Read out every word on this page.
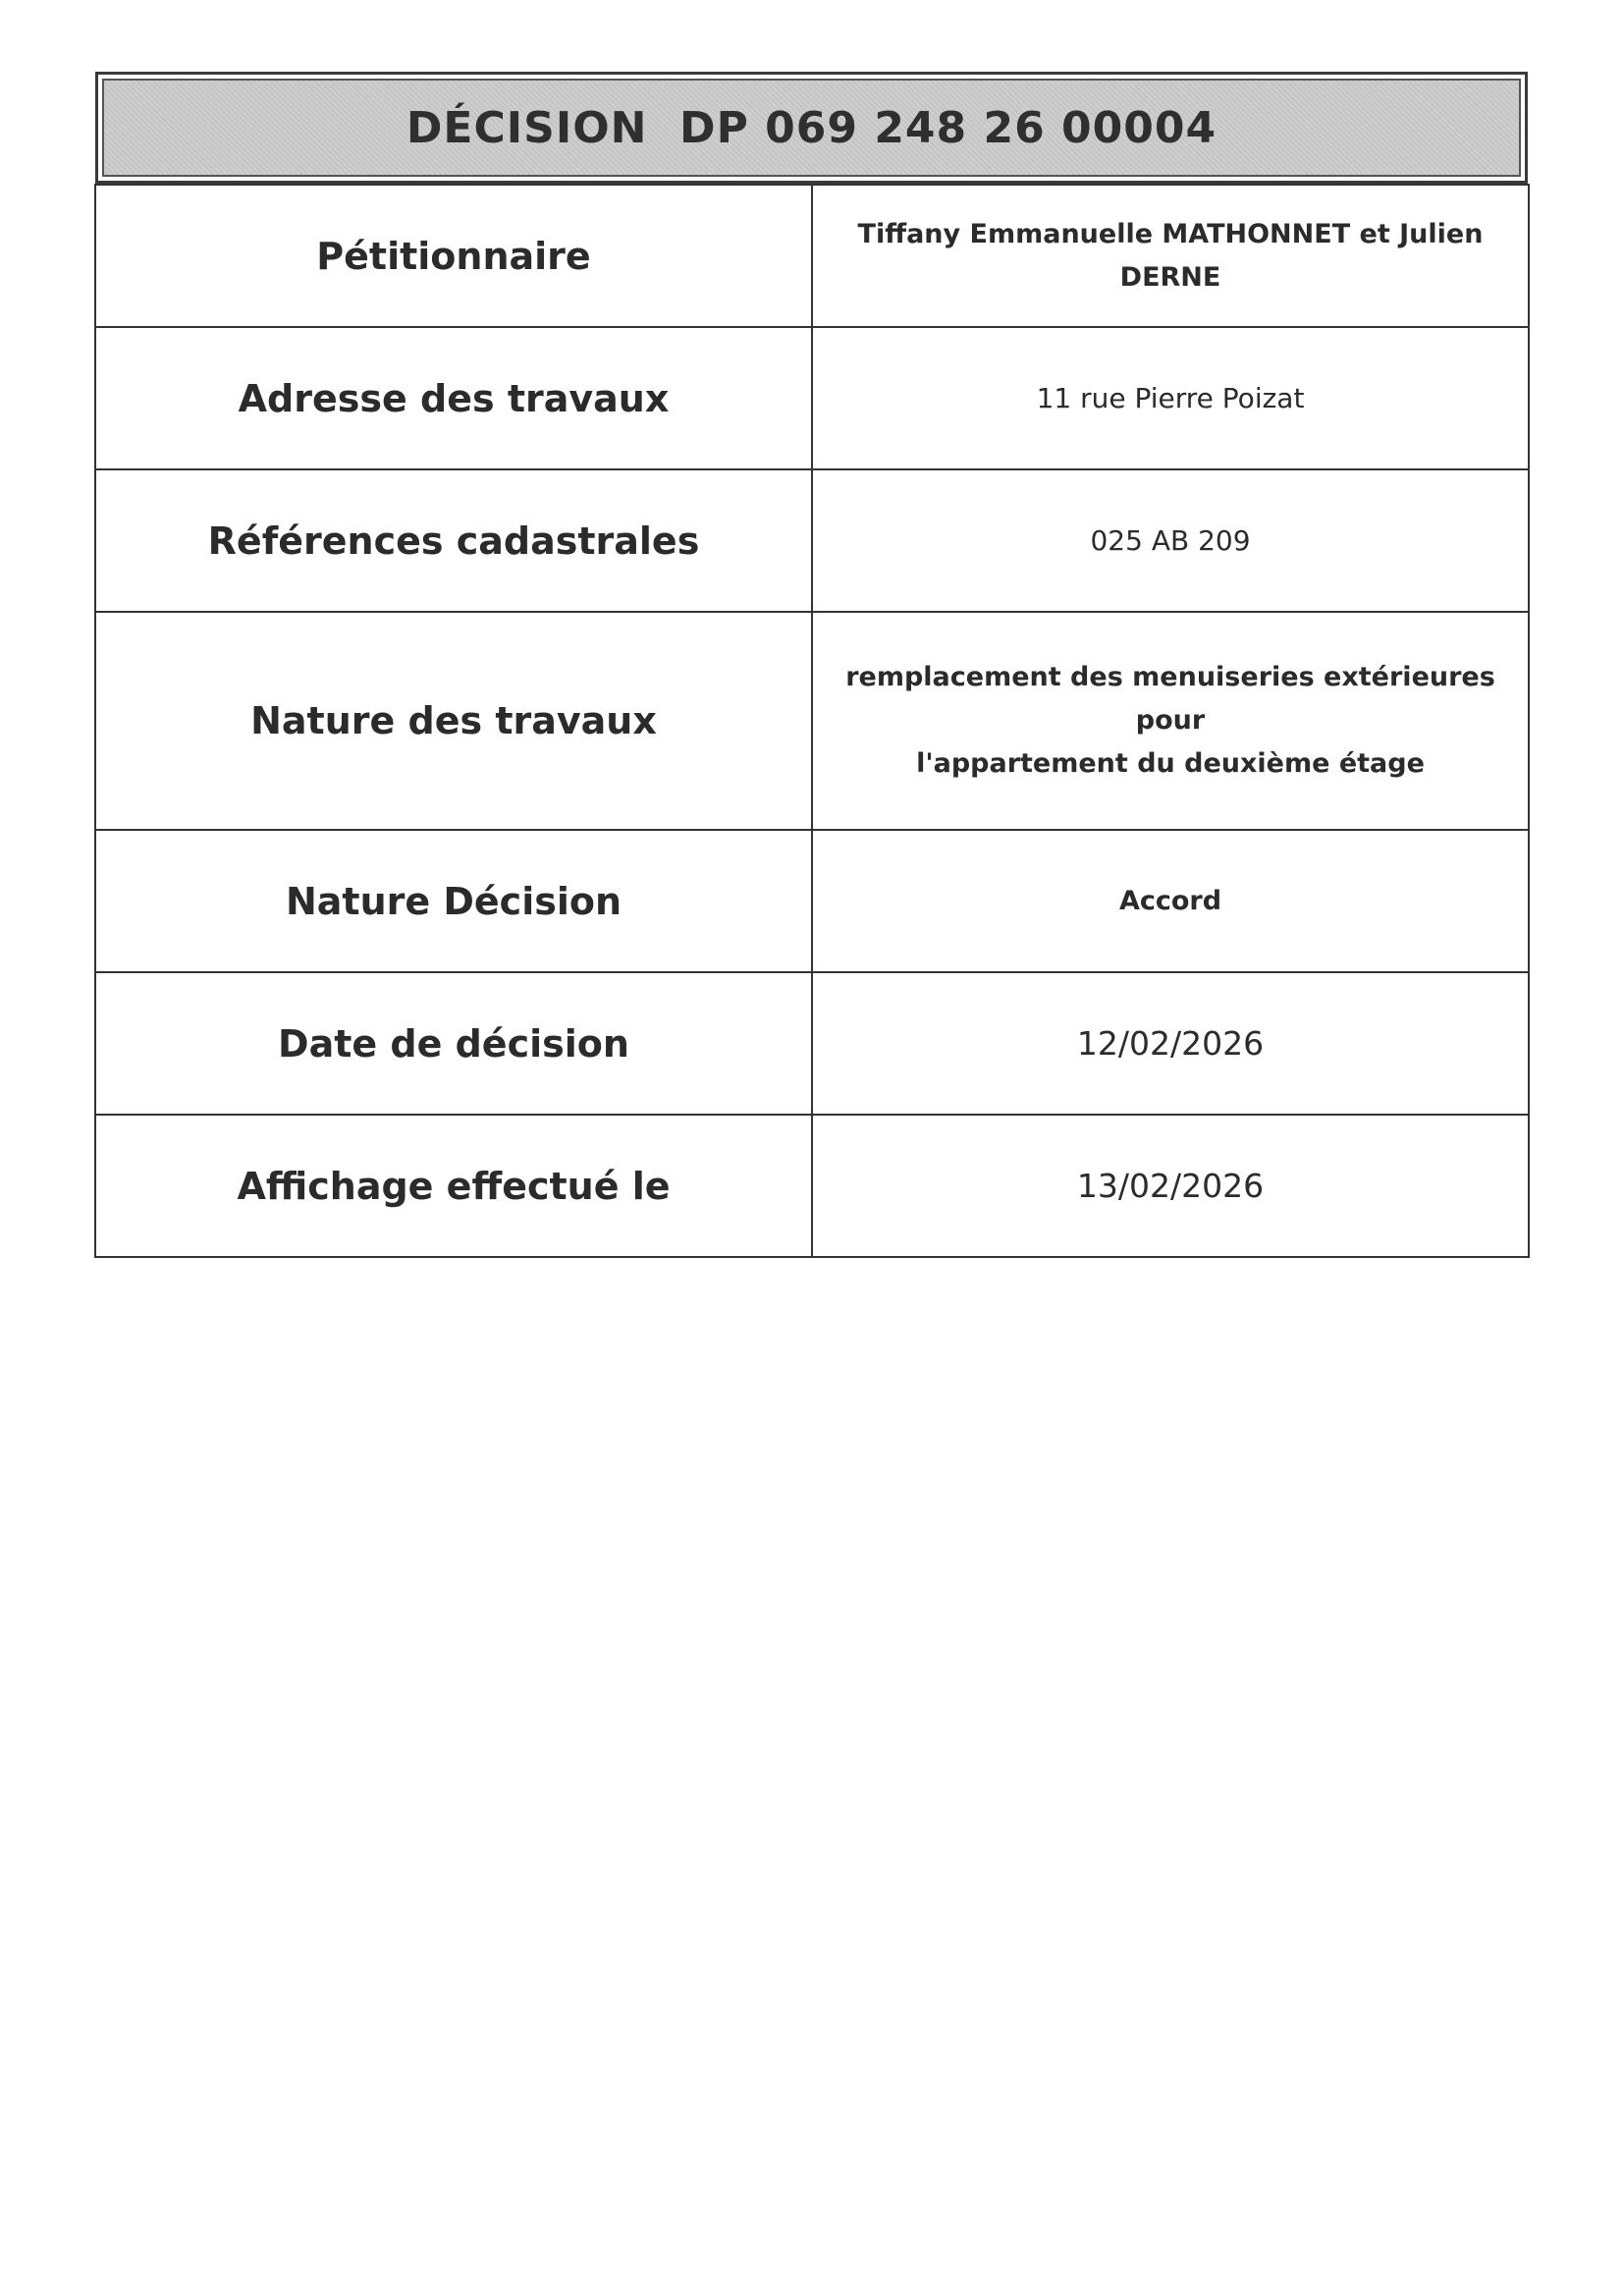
DÉCISION  DP 069 248 26 00004
Pétitionnaire	Tiffany Emmanuelle MATHONNET et Julien DERNE
Adresse des travaux	11 rue Pierre Poizat
Références cadastrales	025 AB 209
Nature des travaux	remplacement des menuiseries extérieures pour
l'appartement du deuxième étage

Nature Décision	Accord
Date de décision	12/02/2026
Affichage effectué le	13/02/2026
